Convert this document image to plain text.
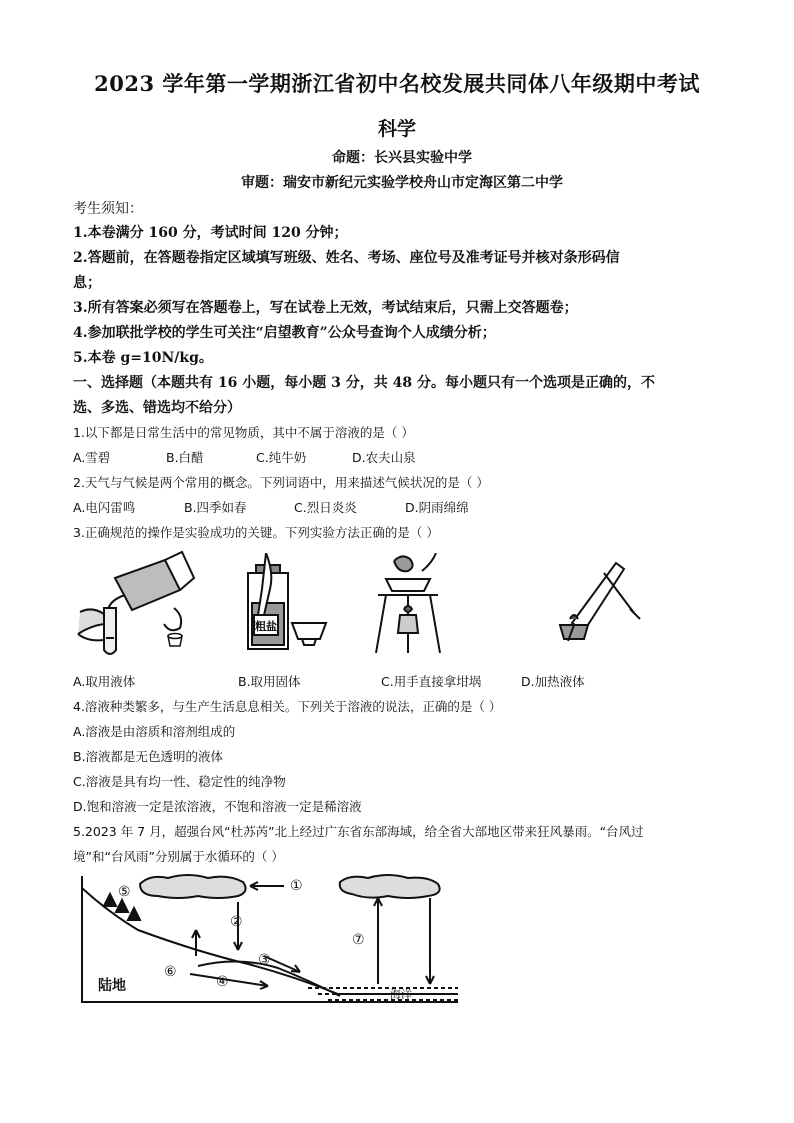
2023 学年第一学期浙江省初中名校发展共同体八年级期中考试
科学
命题：长兴县实验中学
审题：瑞安市新纪元实验学校舟山市定海区第二中学
考生须知：
1.本卷满分 160 分，考试时间 120 分钟；
2.答题前，在答题卷指定区域填写班级、姓名、考场、座位号及准考证号并核对条形码信
息；
3.所有答案必须写在答题卷上，写在试卷上无效，考试结束后，只需上交答题卷；
4.参加联批学校的学生可关注“启望教育”公众号查询个人成绩分析；
5.本卷 g=10N/kg。
一、选择题（本题共有 16 小题，每小题 3 分，共 48 分。每小题只有一个选项是正确的，不
选、多选、错选均不给分）
1.以下都是日常生活中的常见物质，其中不属于溶液的是（ ）
A.雪碧	B.白醋	C.纯牛奶	D.农夫山泉
2.天气与气候是两个常用的概念。下列词语中，用来描述气候状况的是（ ）
A.电闪雷鸣	B.四季如春	C.烈日炎炎	D.阴雨绵绵
3.正确规范的操作是实验成功的关键。下列实验方法正确的是（ ）
粗盐
A.取用液体	B.取用固体	C.用手直接拿坩埚	D.加热液体
4.溶液种类繁多，与生产生活息息相关。下列关于溶液的说法，正确的是（ ）
A.溶液是由溶质和溶剂组成的
B.溶液都是无色透明的液体
C.溶液是具有均一性、稳定性的纯净物
D.饱和溶液一定是浓溶液，不饱和溶液一定是稀溶液
5.2023 年 7 月，超强台风“杜苏芮”北上经过广东省东部海域，给全省大部地区带来狂风暴雨。“台风过
境”和“台风雨”分别属于水循环的（ ）
⑤	①
②
③
④
⑥
⑦
陆地
海洋
